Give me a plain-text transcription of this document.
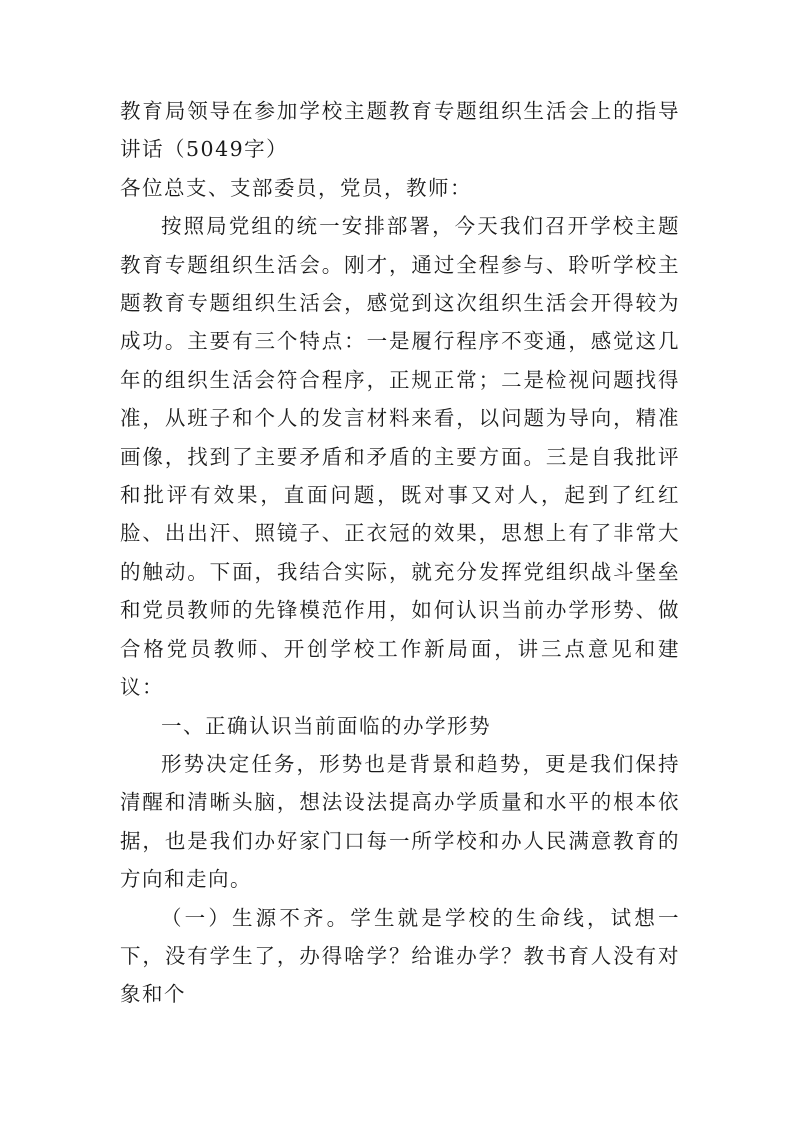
教育局领导在参加学校主题教育专题组织生活会上的指导讲话（5049字）

各位总支、支部委员，党员，教师：

按照局党组的统一安排部署，今天我们召开学校主题教育专题组织生活会。刚才，通过全程参与、聆听学校主题教育专题组织生活会，感觉到这次组织生活会开得较为成功。主要有三个特点：一是履行程序不变通，感觉这几年的组织生活会符合程序，正规正常；二是检视问题找得准，从班子和个人的发言材料来看，以问题为导向，精准画像，找到了主要矛盾和矛盾的主要方面。三是自我批评和批评有效果，直面问题，既对事又对人，起到了红红脸、出出汗、照镜子、正衣冠的效果，思想上有了非常大的触动。下面，我结合实际，就充分发挥党组织战斗堡垒和党员教师的先锋模范作用，如何认识当前办学形势、做合格党员教师、开创学校工作新局面，讲三点意见和建议：

一、正确认识当前面临的办学形势

形势决定任务，形势也是背景和趋势，更是我们保持清醒和清晰头脑，想法设法提高办学质量和水平的根本依据，也是我们办好家门口每一所学校和办人民满意教育的方向和走向。

（一）生源不齐。学生就是学校的生命线，试想一下，没有学生了，办得啥学？给谁办学？教书育人没有对象和个
